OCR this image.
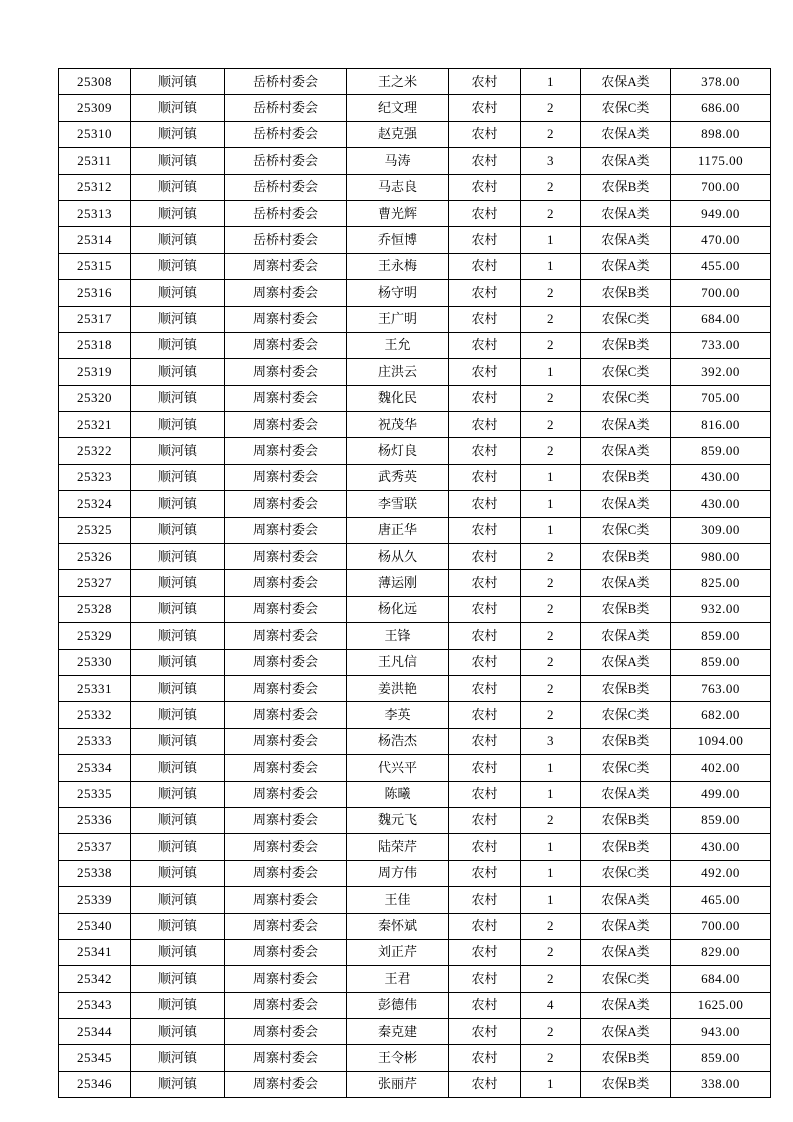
25308	顺河镇	岳桥村委会	王之米	农村	1	农保A类	378.00
25309	顺河镇	岳桥村委会	纪文理	农村	2	农保C类	686.00
25310	顺河镇	岳桥村委会	赵克强	农村	2	农保A类	898.00
25311	顺河镇	岳桥村委会	马涛	农村	3	农保A类	1175.00
25312	顺河镇	岳桥村委会	马志良	农村	2	农保B类	700.00
25313	顺河镇	岳桥村委会	曹光辉	农村	2	农保A类	949.00
25314	顺河镇	岳桥村委会	乔恒博	农村	1	农保A类	470.00
25315	顺河镇	周寨村委会	王永梅	农村	1	农保A类	455.00
25316	顺河镇	周寨村委会	杨守明	农村	2	农保B类	700.00
25317	顺河镇	周寨村委会	王广明	农村	2	农保C类	684.00
25318	顺河镇	周寨村委会	王允	农村	2	农保B类	733.00
25319	顺河镇	周寨村委会	庄洪云	农村	1	农保C类	392.00
25320	顺河镇	周寨村委会	魏化民	农村	2	农保C类	705.00
25321	顺河镇	周寨村委会	祝茂华	农村	2	农保A类	816.00
25322	顺河镇	周寨村委会	杨灯良	农村	2	农保A类	859.00
25323	顺河镇	周寨村委会	武秀英	农村	1	农保B类	430.00
25324	顺河镇	周寨村委会	李雪联	农村	1	农保A类	430.00
25325	顺河镇	周寨村委会	唐正华	农村	1	农保C类	309.00
25326	顺河镇	周寨村委会	杨从久	农村	2	农保B类	980.00
25327	顺河镇	周寨村委会	薄运刚	农村	2	农保A类	825.00
25328	顺河镇	周寨村委会	杨化远	农村	2	农保B类	932.00
25329	顺河镇	周寨村委会	王锋	农村	2	农保A类	859.00
25330	顺河镇	周寨村委会	王凡信	农村	2	农保A类	859.00
25331	顺河镇	周寨村委会	姜洪艳	农村	2	农保B类	763.00
25332	顺河镇	周寨村委会	李英	农村	2	农保C类	682.00
25333	顺河镇	周寨村委会	杨浩杰	农村	3	农保B类	1094.00
25334	顺河镇	周寨村委会	代兴平	农村	1	农保C类	402.00
25335	顺河镇	周寨村委会	陈曦	农村	1	农保A类	499.00
25336	顺河镇	周寨村委会	魏元飞	农村	2	农保B类	859.00
25337	顺河镇	周寨村委会	陆荣芹	农村	1	农保B类	430.00
25338	顺河镇	周寨村委会	周方伟	农村	1	农保C类	492.00
25339	顺河镇	周寨村委会	王佳	农村	1	农保A类	465.00
25340	顺河镇	周寨村委会	秦怀斌	农村	2	农保A类	700.00
25341	顺河镇	周寨村委会	刘正芹	农村	2	农保A类	829.00
25342	顺河镇	周寨村委会	王君	农村	2	农保C类	684.00
25343	顺河镇	周寨村委会	彭德伟	农村	4	农保A类	1625.00
25344	顺河镇	周寨村委会	秦克建	农村	2	农保A类	943.00
25345	顺河镇	周寨村委会	王令彬	农村	2	农保B类	859.00
25346	顺河镇	周寨村委会	张丽芹	农村	1	农保B类	338.00
